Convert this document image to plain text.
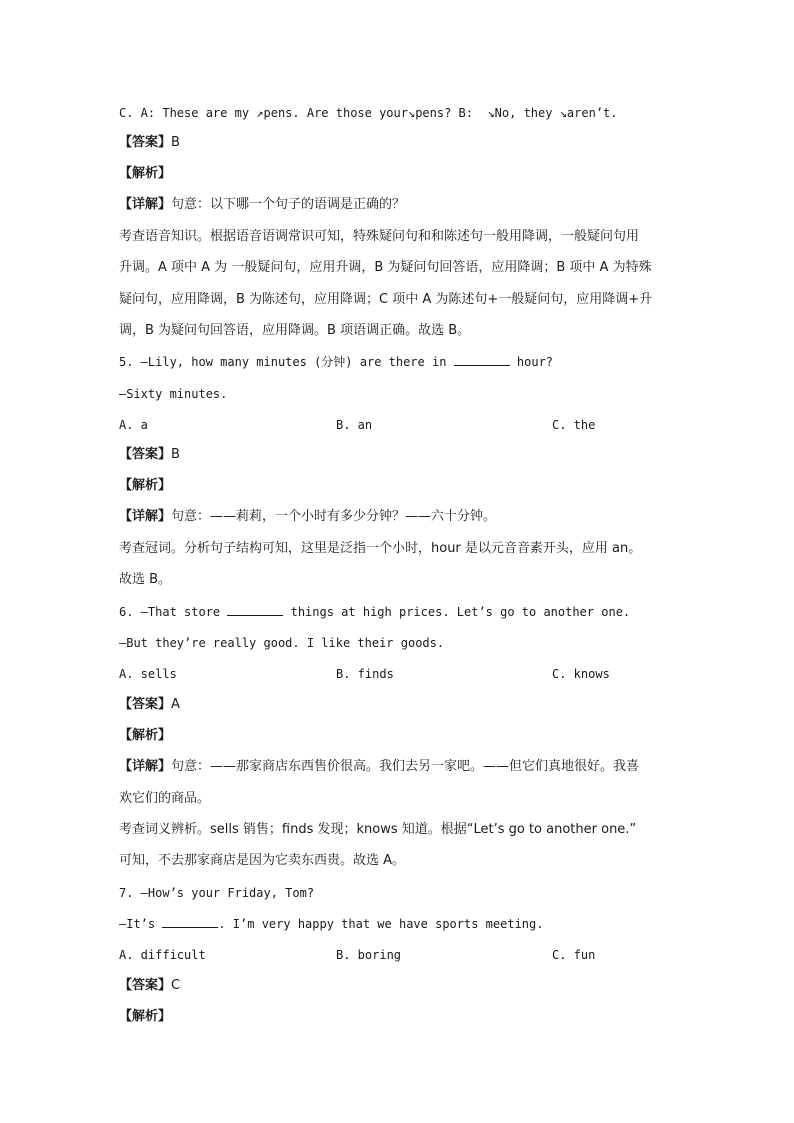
C. A: These are my ↗pens. Are those your↘pens? B:  ↘No, they ↘aren’t.
【答案】B
【解析】
【详解】句意：以下哪一个句子的语调是正确的？
考查语音知识。根据语音语调常识可知，特殊疑问句和和陈述句一般用降调，一般疑问句用
升调。A 项中 A 为 一般疑问句，应用升调，B 为疑问句回答语，应用降调；B 项中 A 为特殊
疑问句，应用降调，B 为陈述句，应用降调；C 项中 A 为陈述句+一般疑问句，应用降调+升
调，B 为疑问句回答语，应用降调。B 项语调正确。故选 B。
5. —Lily, how many minutes (分钟) are there in	hour?
—Sixty minutes.
A. a	B. an	C. the
【答案】B
【解析】
【详解】句意：——莉莉，一个小时有多少分钟？——六十分钟。
考查冠词。分析句子结构可知，这里是泛指一个小时，hour 是以元音音素开头，应用 an。
故选 B。
6. —That store	things at high prices. Let’s go to another one.
—But they’re really good. I like their goods.
A. sells	B. finds	C. knows
【答案】A
【解析】
【详解】句意：——那家商店东西售价很高。我们去另一家吧。——但它们真地很好。我喜
欢它们的商品。
考查词义辨析。sells 销售；finds 发现；knows 知道。根据“Let’s go to another one.”
可知，不去那家商店是因为它卖东西贵。故选 A。
7. —How’s your Friday, Tom?
—It’s	. I’m very happy that we have sports meeting.
A. difficult	B. boring	C. fun
【答案】C
【解析】
